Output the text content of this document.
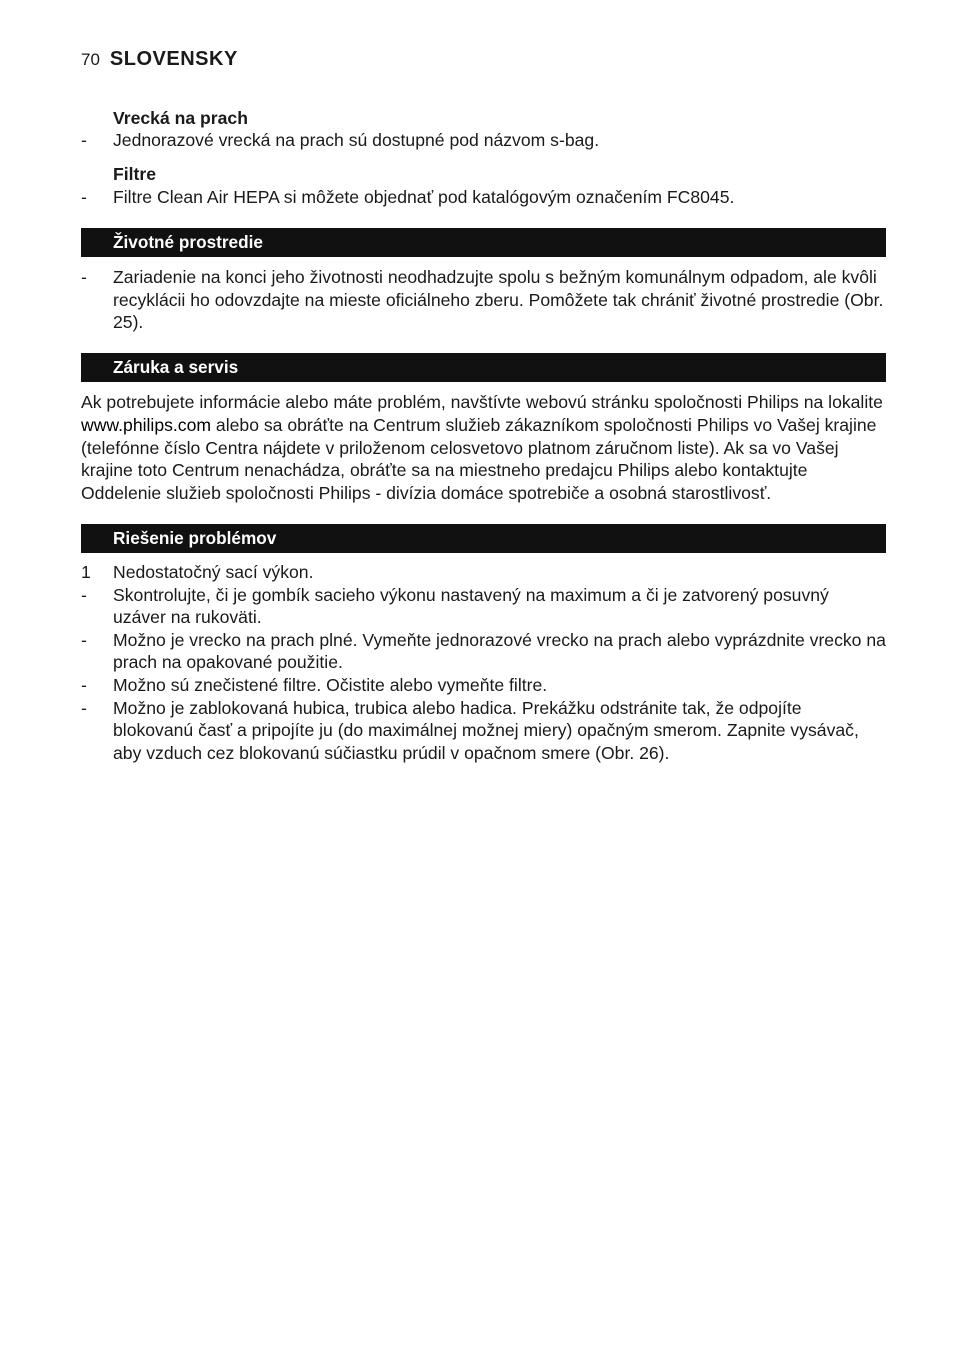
70 SLOVENSKY
Vrecká na prach
-	Jednorazové vrecká na prach sú dostupné pod názvom s-bag.
Filtre
-	Filtre Clean Air HEPA si môžete objednať pod katalógovým označením FC8045.
Životné prostredie
-	Zariadenie na konci jeho životnosti neodhadzujte spolu s bežným komunálnym odpadom, ale kvôli recyklácii ho odovzdajte na mieste oficiálneho zberu. Pomôžete tak chrániť životné prostredie (Obr. 25).
Záruka a servis
Ak potrebujete informácie alebo máte problém, navštívte webovú stránku spoločnosti Philips na lokalite www.philips.com alebo sa obráťte na Centrum služieb zákazníkom spoločnosti Philips vo Vašej krajine (telefónne číslo Centra nájdete v priloženom celosvetovo platnom záručnom liste). Ak sa vo Vašej krajine toto Centrum nenachádza, obráťte sa na miestneho predajcu Philips alebo kontaktujte Oddelenie služieb spoločnosti Philips - divízia domáce spotrebiče a osobná starostlivosť.
Riešenie problémov
1	Nedostatočný sací výkon.
-	Skontrolujte, či je gombík sacieho výkonu nastavený na maximum a či je zatvorený posuvný uzáver na rukoväti.
-	Možno je vrecko na prach plné. Vymeňte jednorazové vrecko na prach alebo vyprázdnite vrecko na prach na opakované použitie.
-	Možno sú znečistené filtre. Očistite alebo vymeňte filtre.
-	Možno je zablokovaná hubica, trubica alebo hadica. Prekážku odstránite tak, že odpojíte blokovanú časť a pripojíte ju (do maximálnej možnej miery) opačným smerom. Zapnite vysávač, aby vzduch cez blokovanú súčiastku prúdil v opačnom smere (Obr. 26).
